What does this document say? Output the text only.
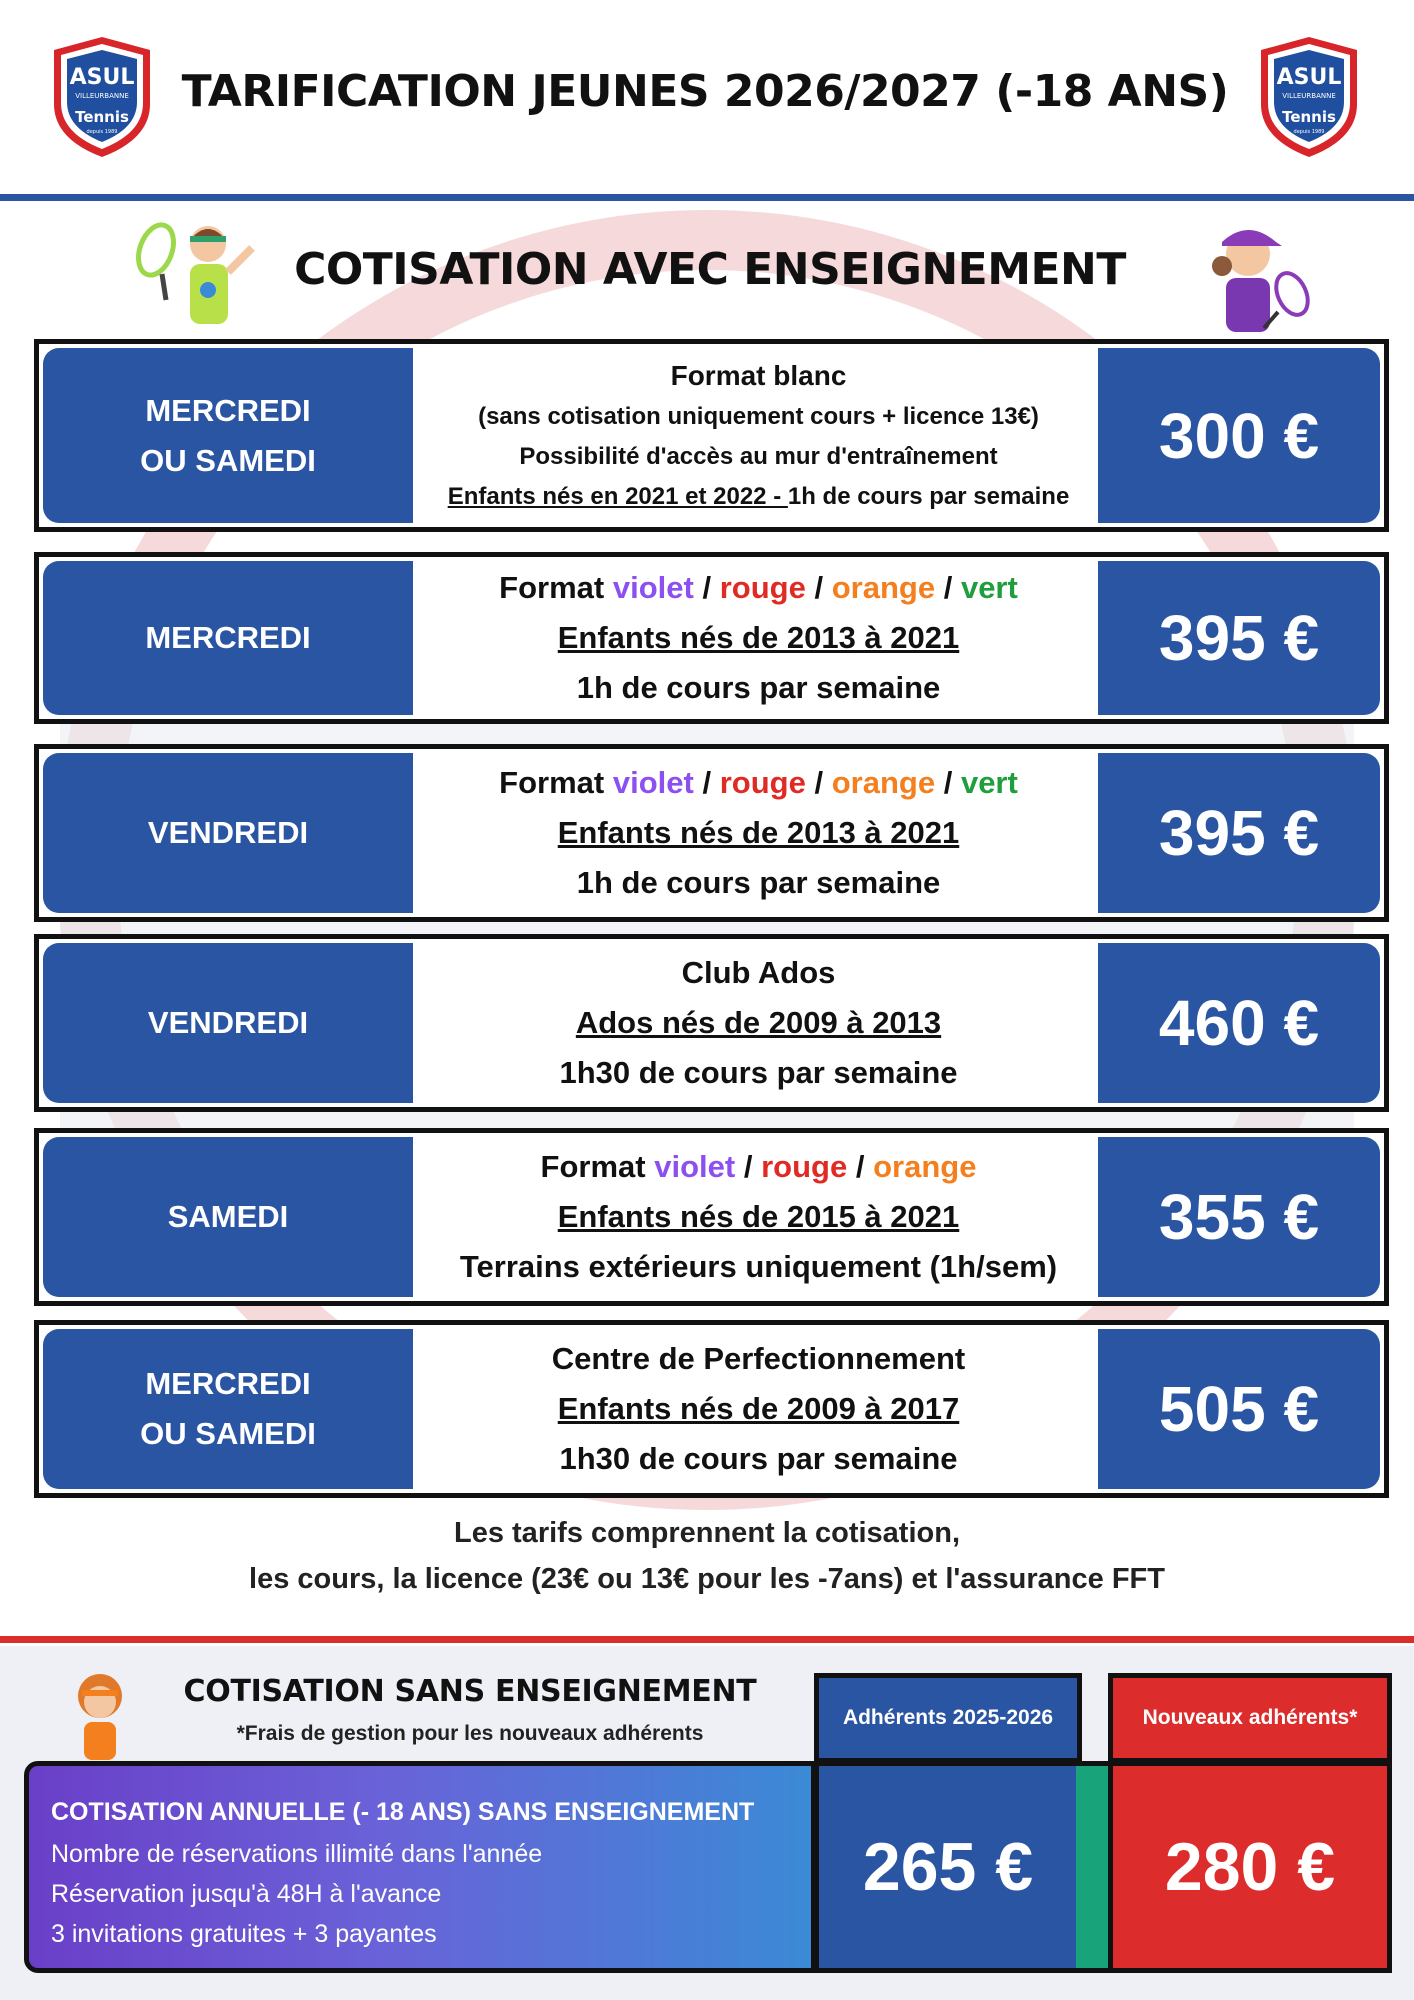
ASUL
VILLEURBANNE
Tennis
depuis 1989
ASUL
VILLEURBANNE
Tennis
depuis 1989
TARIFICATION JEUNES 2026/2027 (-18 ANS)
COTISATION AVEC ENSEIGNEMENT
MERCREDI
OU SAMEDI
Format blanc
(sans cotisation uniquement cours + licence 13€)
Possibilité d'accès au mur d'entraînement
Enfants nés en 2021 et 2022 - 1h de cours par semaine
300 €
MERCREDI
Format violet / rouge / orange / vert
Enfants nés de 2013 à 2021
1h de cours par semaine
395 €
VENDREDI
Format violet / rouge / orange / vert
Enfants nés de 2013 à 2021
1h de cours par semaine
395 €
VENDREDI
Club Ados
Ados nés de 2009 à 2013
1h30 de cours par semaine
460 €
SAMEDI
Format violet / rouge / orange
Enfants nés de 2015 à 2021
Terrains extérieurs uniquement (1h/sem)
355 €
MERCREDI
OU SAMEDI
Centre de Perfectionnement
Enfants nés de 2009 à 2017
1h30 de cours par semaine
505 €
Les tarifs comprennent la cotisation,
les cours, la licence (23€ ou 13€ pour les -7ans) et l'assurance FFT
COTISATION SANS ENSEIGNEMENT
*Frais de gestion pour les nouveaux adhérents
Adhérents 2025-2026	Nouveaux adhérents*
COTISATION ANNUELLE (- 18 ANS) SANS ENSEIGNEMENT
Nombre de réservations illimité dans l'année
Réservation jusqu'à 48H à l'avance
3 invitations gratuites + 3 payantes
265 €	280 €
